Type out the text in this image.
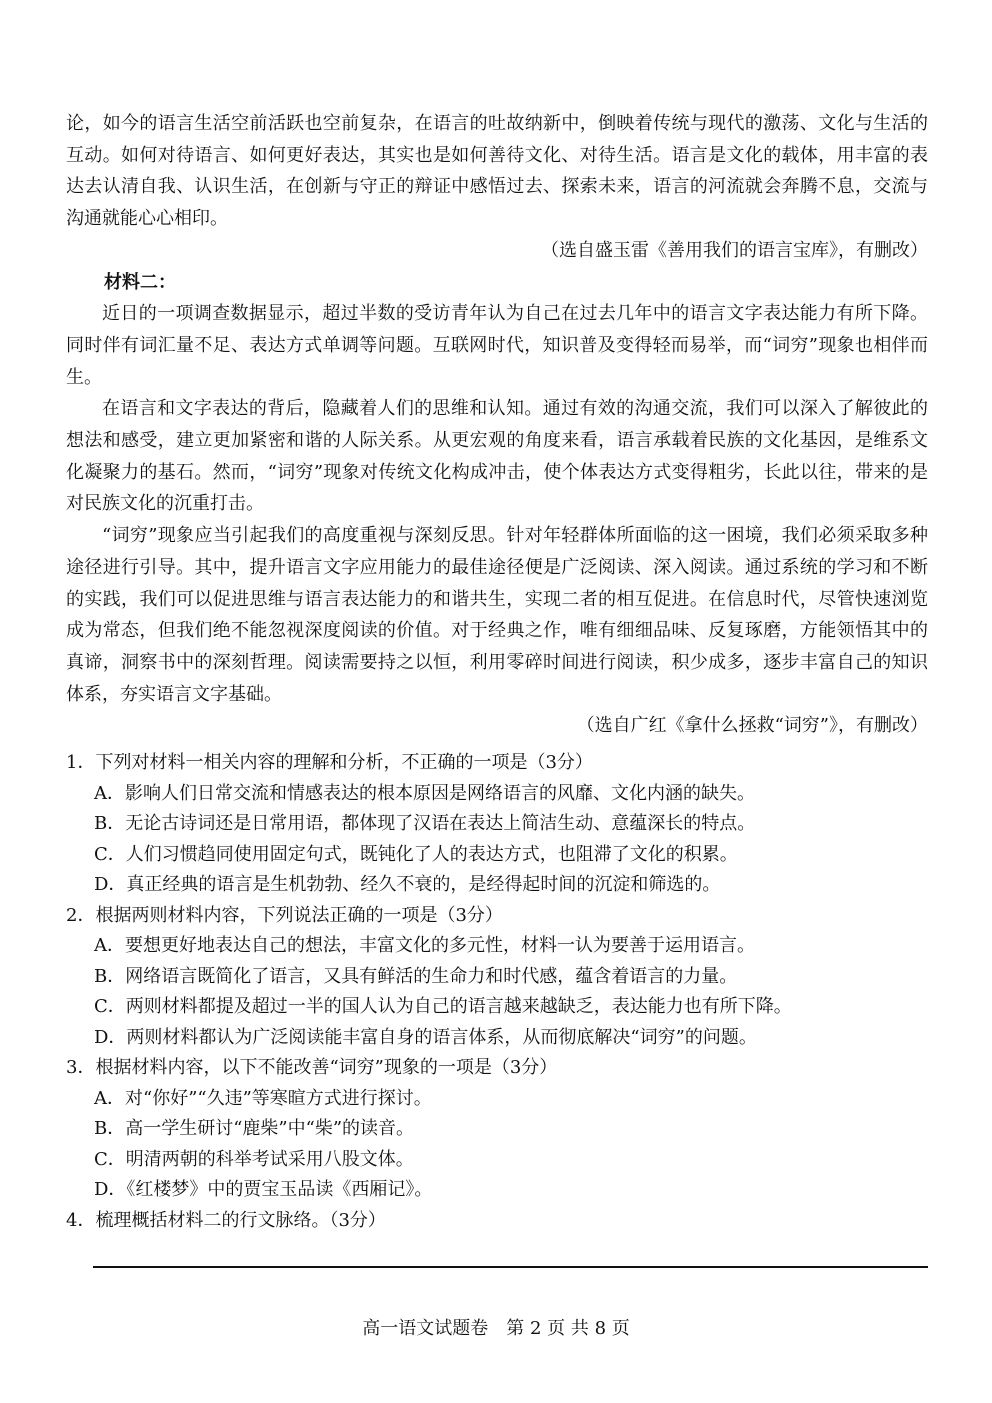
论，如今的语言生活空前活跃也空前复杂，在语言的吐故纳新中，倒映着传统与现代的激荡、文化与生活的互动。如何对待语言、如何更好表达，其实也是如何善待文化、对待生活。语言是文化的载体，用丰富的表达去认清自我、认识生活，在创新与守正的辩证中感悟过去、探索未来，语言的河流就会奔腾不息，交流与沟通就能心心相印。

（选自盛玉雷《善用我们的语言宝库》，有删改）
材料二：

近日的一项调查数据显示，超过半数的受访青年认为自己在过去几年中的语言文字表达能力有所下降。同时伴有词汇量不足、表达方式单调等问题。互联网时代，知识普及变得轻而易举，而“词穷”现象也相伴而生。

在语言和文字表达的背后，隐藏着人们的思维和认知。通过有效的沟通交流，我们可以深入了解彼此的想法和感受，建立更加紧密和谐的人际关系。从更宏观的角度来看，语言承载着民族的文化基因，是维系文化凝聚力的基石。然而，“词穷”现象对传统文化构成冲击，使个体表达方式变得粗劣，长此以往，带来的是对民族文化的沉重打击。

“词穷”现象应当引起我们的高度重视与深刻反思。针对年轻群体所面临的这一困境，我们必须采取多种途径进行引导。其中，提升语言文字应用能力的最佳途径便是广泛阅读、深入阅读。通过系统的学习和不断的实践，我们可以促进思维与语言表达能力的和谐共生，实现二者的相互促进。在信息时代，尽管快速浏览成为常态，但我们绝不能忽视深度阅读的价值。对于经典之作，唯有细细品味、反复琢磨，方能领悟其中的真谛，洞察书中的深刻哲理。阅读需要持之以恒，利用零碎时间进行阅读，积少成多，逐步丰富自己的知识体系，夯实语言文字基础。

（选自广红《拿什么拯救“词穷”》，有删改）
1．下列对材料一相关内容的理解和分析，不正确的一项是（3分）
A．影响人们日常交流和情感表达的根本原因是网络语言的风靡、文化内涵的缺失。
B．无论古诗词还是日常用语，都体现了汉语在表达上简洁生动、意蕴深长的特点。
C．人们习惯趋同使用固定句式，既钝化了人的表达方式，也阻滞了文化的积累。
D．真正经典的语言是生机勃勃、经久不衰的，是经得起时间的沉淀和筛选的。
2．根据两则材料内容，下列说法正确的一项是（3分）
A．要想更好地表达自己的想法，丰富文化的多元性，材料一认为要善于运用语言。
B．网络语言既简化了语言，又具有鲜活的生命力和时代感，蕴含着语言的力量。
C．两则材料都提及超过一半的国人认为自己的语言越来越缺乏，表达能力也有所下降。
D．两则材料都认为广泛阅读能丰富自身的语言体系，从而彻底解决“词穷”的问题。
3．根据材料内容，以下不能改善“词穷”现象的一项是（3分）
A．对“你好”“久违”等寒暄方式进行探讨。
B．高一学生研讨“鹿柴”中“柴”的读音。
C．明清两朝的科举考试采用八股文体。
D．《红楼梦》中的贾宝玉品读《西厢记》。
4．梳理概括材料二的行文脉络。（3分）
高一语文试题卷　第 2 页 共 8 页
